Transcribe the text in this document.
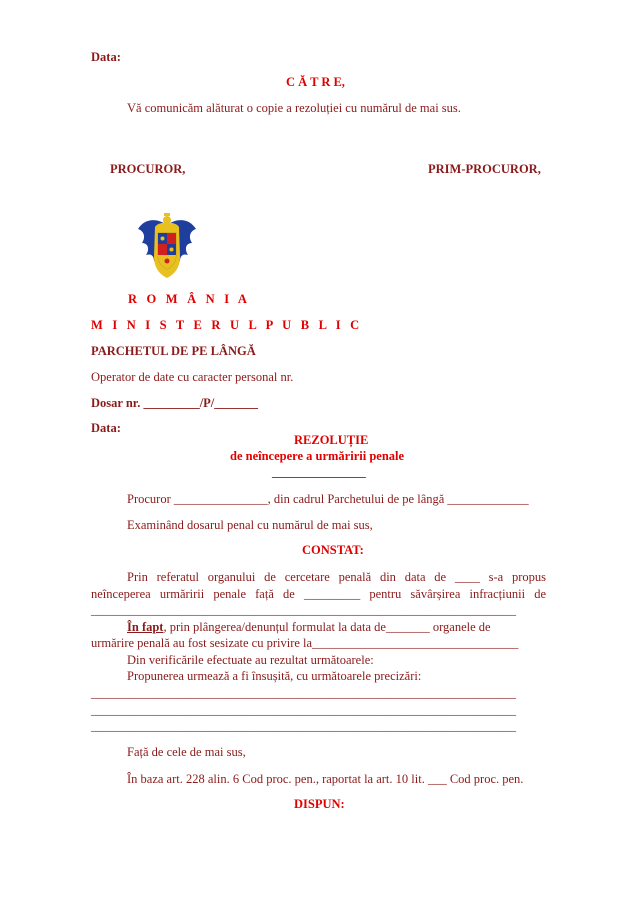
Data:
C Ă T R E,
Vă comunicăm alăturat o copie a rezoluției cu numărul de mai sus.
PROCUROR,	PRIM-PROCUROR,
R O M Â N I A
M I N I S T E R U L P U B L I C
PARCHETUL DE PE LÂNGĂ
Operator de date cu caracter personal nr.
Dosar nr. _________/P/_______
Data:
REZOLUȚIE
de neîncepere a urmăririi penale
_______________
Procuror _______________, din cadrul Parchetului de pe lângă _____________
Examinând dosarul penal cu numărul de mai sus,
CONSTAT:
Prin referatul organului de cercetare penală din data de ____ s-a propus
neînceperea urmăririi penale față de _________ pentru săvârșirea infracțiunii de
____________________________________________________________________
În fapt, prin plângerea/denunțul formulat la data de_______ organele de
urmărire penală au fost sesizate cu privire la_________________________________
Din verificările efectuate au rezultat următoarele:
Propunerea urmează a fi însușită, cu următoarele precizări:
____________________________________________________________________
____________________________________________________________________
____________________________________________________________________
Față de cele de mai sus,
În baza art. 228 alin. 6 Cod proc. pen., raportat la art. 10 lit. ___ Cod proc. pen.
DISPUN:
